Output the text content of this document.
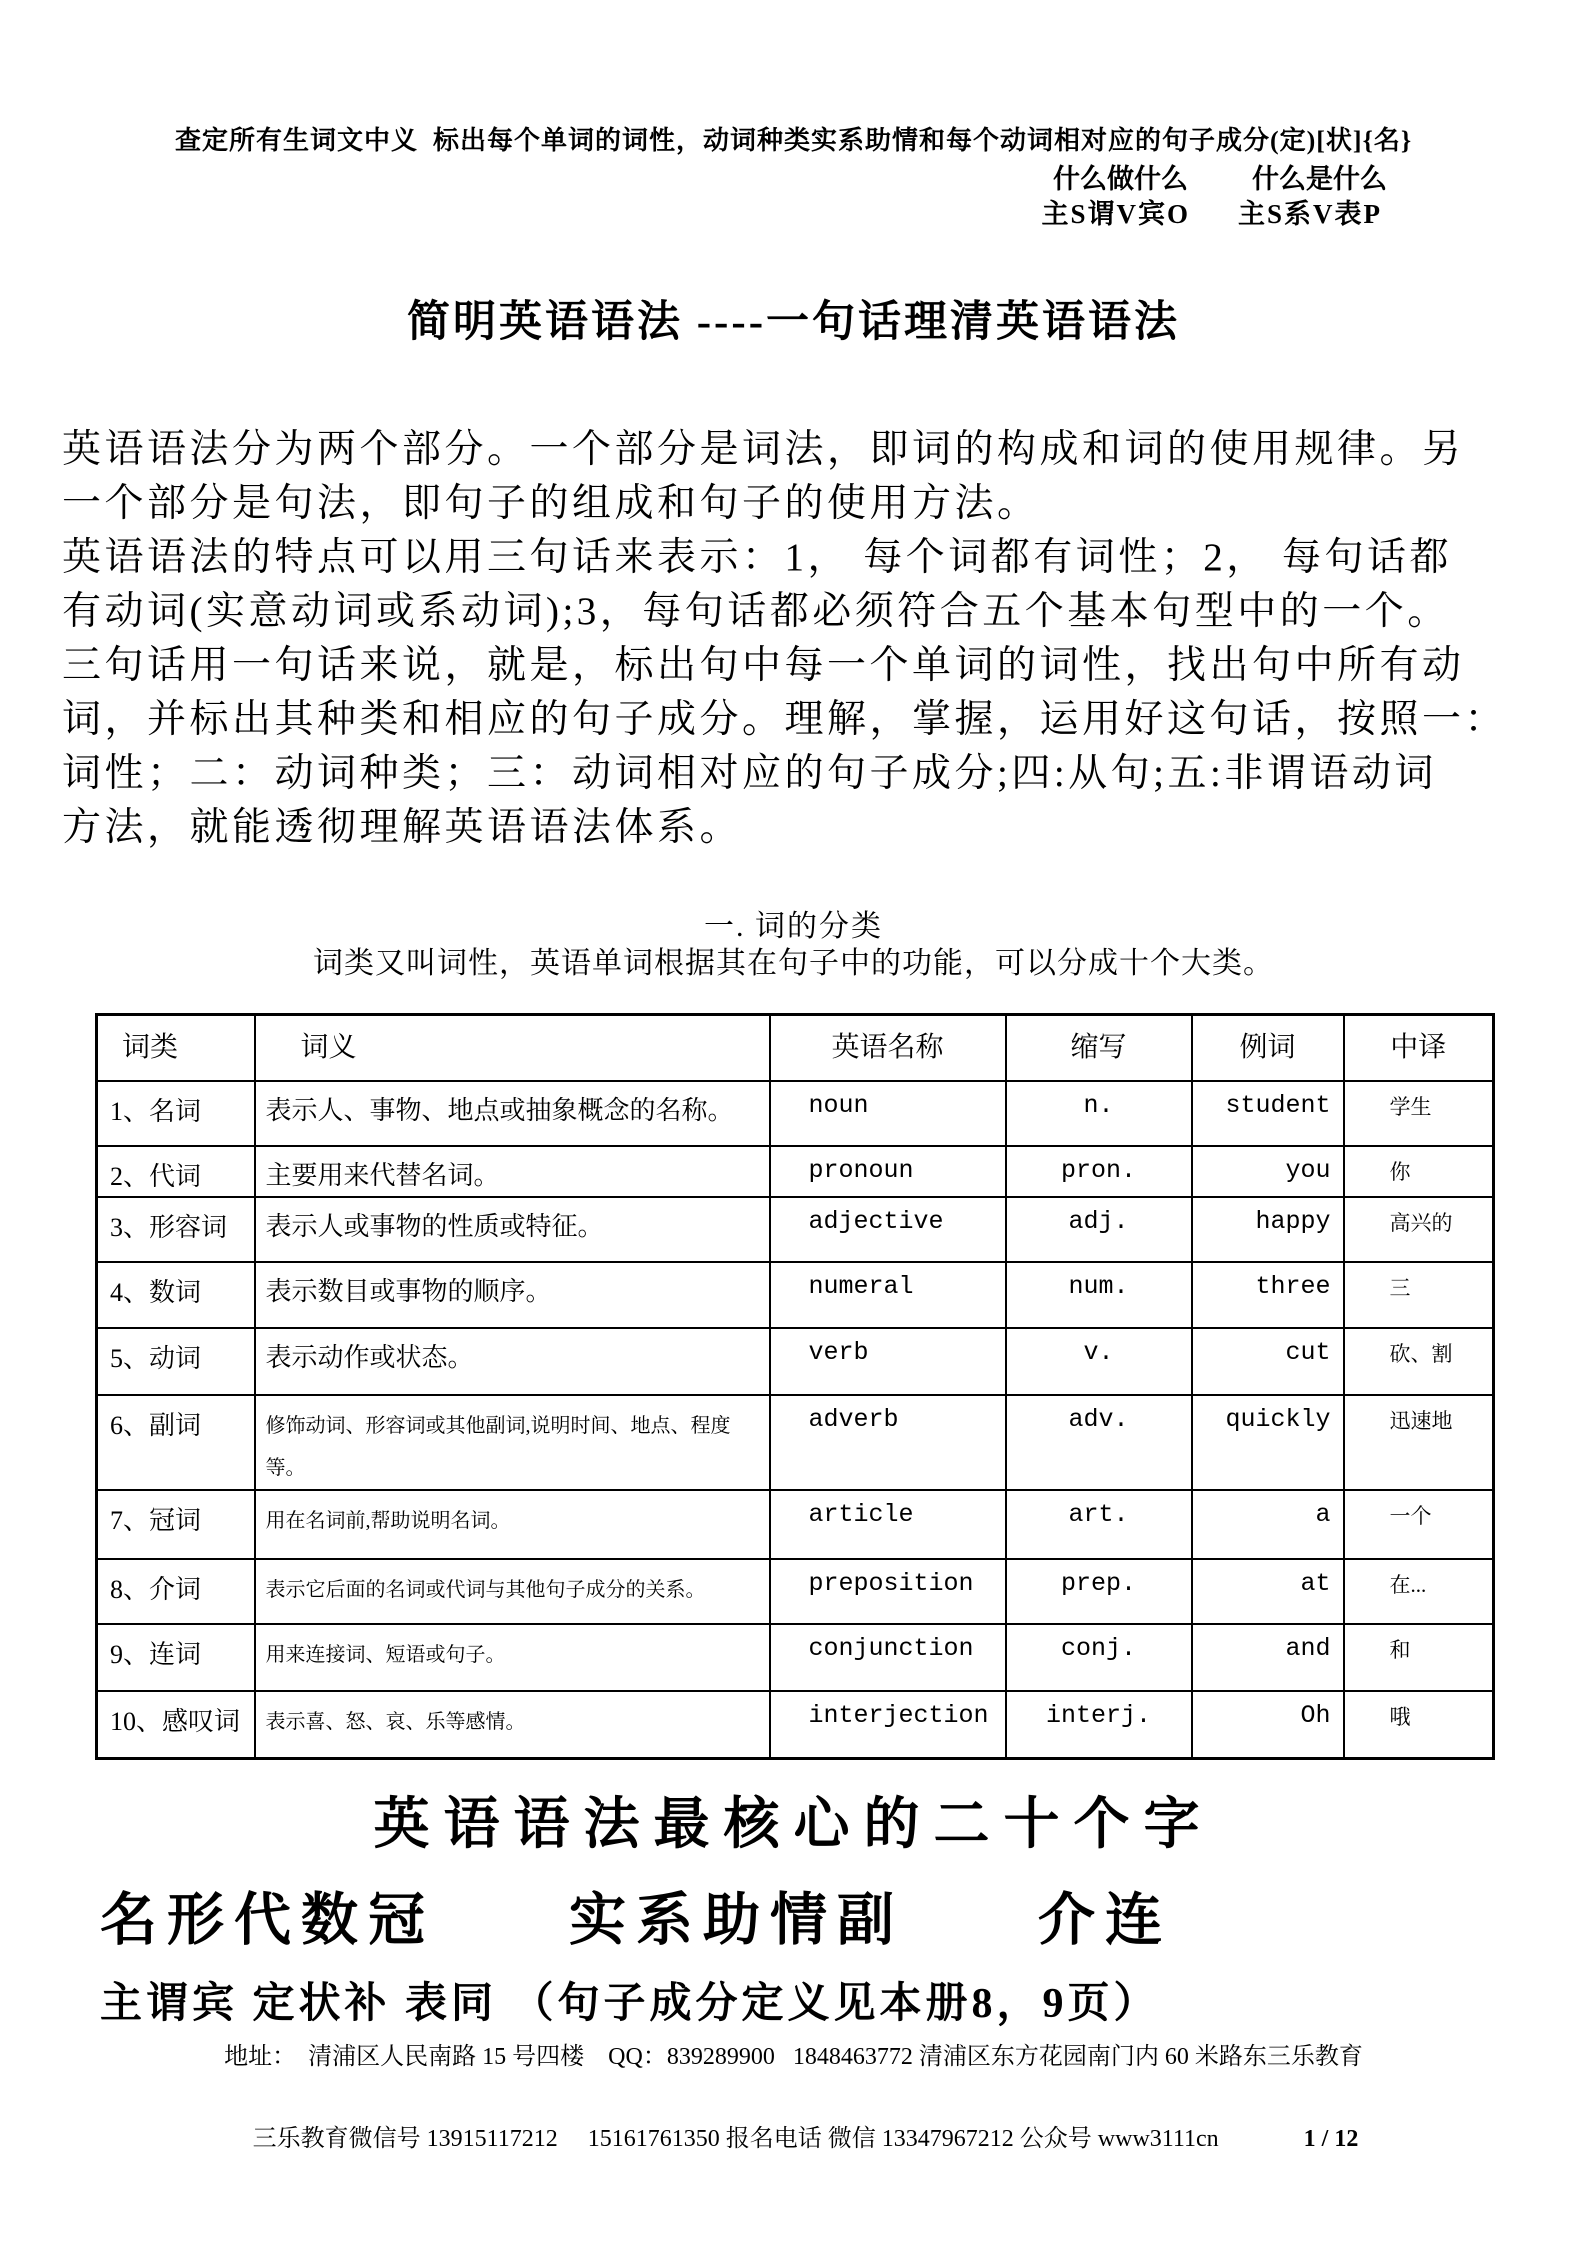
查定所有生词文中义  标出每个单词的词性，动词种类实系助情和每个动词相对应的句子成分(定)[状]{名}
什么做什么 什么是什么
主S谓V宾O 主S系V表P
简明英语语法 ----一句话理清英语语法
英语语法分为两个部分。一个部分是词法，即词的构成和词的使用规律。另
一个部分是句法，即句子的组成和句子的使用方法。
英语语法的特点可以用三句话来表示：1， 每个词都有词性；2， 每句话都
有动词(实意动词或系动词);3，每句话都必须符合五个基本句型中的一个。
三句话用一句话来说，就是，标出句中每一个单词的词性，找出句中所有动
词，并标出其种类和相应的句子成分。理解，掌握，运用好这句话，按照一：
词性；二：动词种类；三：动词相对应的句子成分;四:从句;五:非谓语动词
方法，就能透彻理解英语语法体系。
一. 词的分类
词类又叫词性，英语单词根据其在句子中的功能，可以分成十个大类。
词类	词义	英语名称	缩写	例词	中译
1、名词	表示人、事物、地点或抽象概念的名称。	noun	n.	student	学生
2、代词	主要用来代替名词。	pronoun	pron.	you	你
3、形容词	表示人或事物的性质或特征。	adjective	adj.	happy	高兴的
4、数词	表示数目或事物的顺序。	numeral	num.	three	三
5、动词	表示动作或状态。	verb	v.	cut	砍、割
6、副词	修饰动词、形容词或其他副词,说明时间、地点、程度等。	adverb	adv.	quickly	迅速地
7、冠词	用在名词前,帮助说明名词。	article	art.	a	一个
8、介词	表示它后面的名词或代词与其他句子成分的关系。	preposition	prep.	at	在...
9、连词	用来连接词、短语或句子。	conjunction	conj.	and	和
10、感叹词	表示喜、怒、哀、乐等感情。	interjection	interj.	Oh	哦
英语语法最核心的二十个字
名形代数冠　　实系助情副　　介连
主谓宾 定状补 表同 （句子成分定义见本册8，9页）
地址：  清浦区人民南路 15 号四楼    QQ：839289900   1848463772 清浦区东方花园南门内 60 米路东三乐教育

三乐教育微信号 13915117212     15161761350 报名电话 微信 13347967212 公众号 www3111cn	1 / 12
